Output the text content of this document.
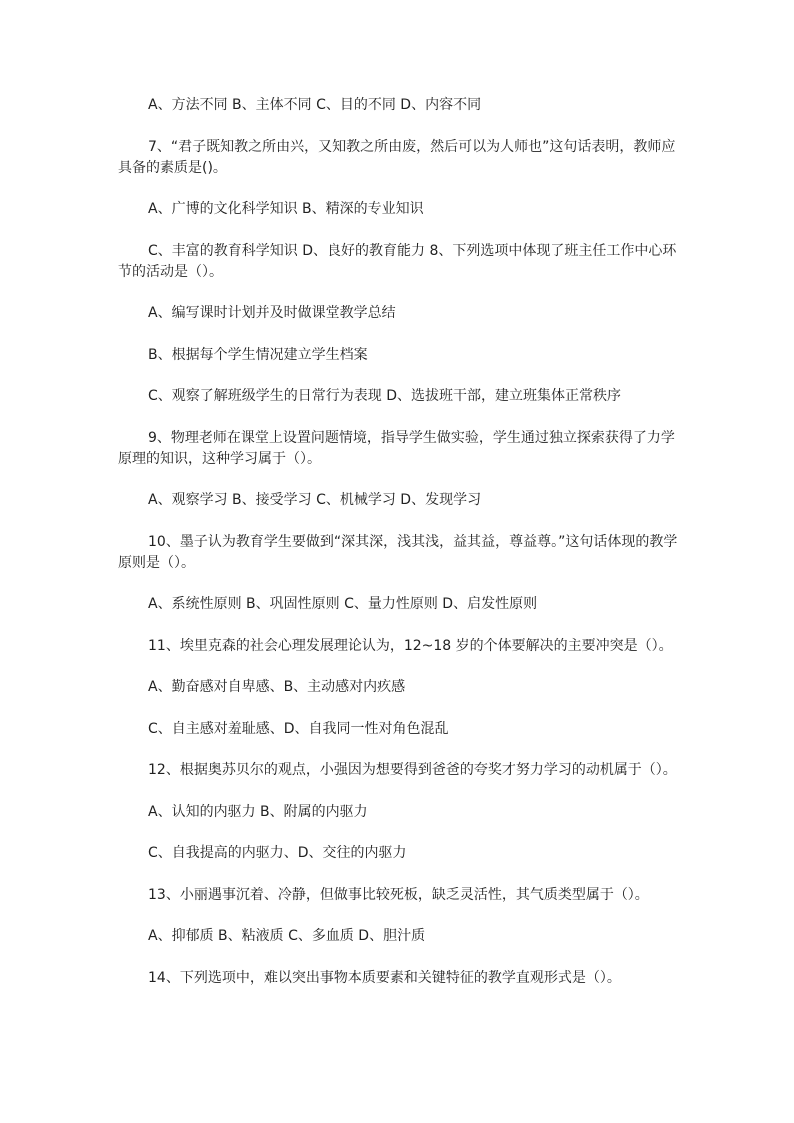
A、方法不同 B、主体不同 C、目的不同 D、内容不同

7、“君子既知教之所由兴，又知教之所由废，然后可以为人师也”这句话表明，教师应具备的素质是()。

A、广博的文化科学知识 B、精深的专业知识

C、丰富的教育科学知识 D、良好的教育能力 8、下列选项中体现了班主任工作中心环节的活动是（）。

A、编写课时计划并及时做课堂教学总结

B、根据每个学生情况建立学生档案

C、观察了解班级学生的日常行为表现 D、选拔班干部，建立班集体正常秩序

9、物理老师在课堂上设置问题情境，指导学生做实验，学生通过独立探索获得了力学原理的知识，这种学习属于（）。

A、观察学习 B、接受学习 C、机械学习 D、发现学习

10、墨子认为教育学生要做到“深其深，浅其浅，益其益，尊益尊。”这句话体现的教学原则是（）。

A、系统性原则 B、巩固性原则 C、量力性原则 D、启发性原则

11、埃里克森的社会心理发展理论认为，12~18 岁的个体要解决的主要冲突是（）。

A、勤奋感对自卑感、B、主动感对内疚感

C、自主感对羞耻感、D、自我同一性对角色混乱

12、根据奥苏贝尔的观点，小强因为想要得到爸爸的夸奖才努力学习的动机属于（）。

A、认知的内驱力 B、附属的内驱力

C、自我提高的内驱力、D、交往的内驱力

13、小丽遇事沉着、冷静，但做事比较死板，缺乏灵活性，其气质类型属于（）。

A、抑郁质 B、粘液质 C、多血质 D、胆汁质

14、下列选项中，难以突出事物本质要素和关键特征的教学直观形式是（）。
